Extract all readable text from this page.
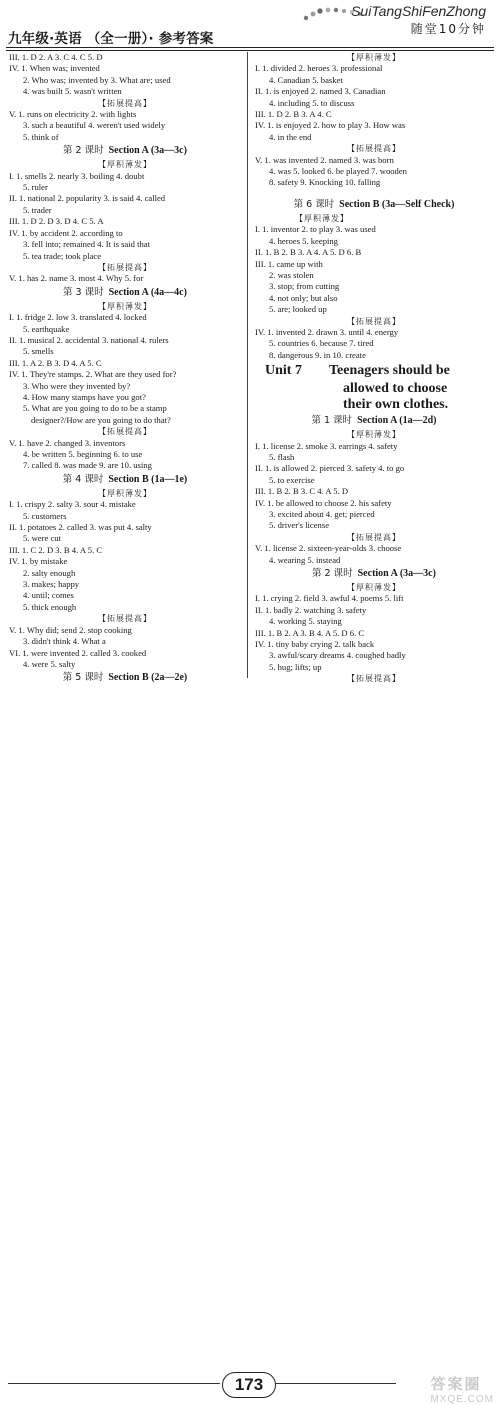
九年级·英语 （全一册）· 参考答案
SuiTangShiFenZhong
随堂10分钟
III. 1. D 2. A 3. C 4. C 5. D
IV. 1. When was; invented
2. Who was; invented by 3. What are; used
4. was built 5. wasn't written
【拓展提高】
V. 1. runs on electricity 2. with lights
3. such a beautiful 4. weren't used widely
5. think of
第 2 课时  Section A (3a—3c)
【厚积薄发】
I. 1. smells 2. nearly 3. boiling 4. doubt
5. ruler
II. 1. national 2. popularity 3. is said 4. called
5. trader
III. 1. D 2. D 3. D 4. C 5. A
IV. 1. by accident 2. according to
3. fell into; remained 4. It is said that
5. tea trade; took place
【拓展提高】
V. 1. has 2. name 3. most 4. Why 5. for
第 3 课时  Section A (4a—4c)
【厚积薄发】
I. 1. fridge 2. low 3. translated 4. locked
5. earthquake
II. 1. musical 2. accidental 3. national 4. rulers
5. smells
III. 1. A 2. B 3. D 4. A 5. C
IV. 1. They're stamps. 2. What are they used for?
3. Who were they invented by?
4. How many stamps have you got?
5. What are you going to do to be a stamp
designer?/How are you going to do that?
【拓展提高】
V. 1. have 2. changed 3. inventors
4. be written 5. beginning 6. to use
7. called 8. was made 9. are 10. using
第 4 课时  Section B (1a—1e)
【厚积薄发】
I. 1. crispy 2. salty 3. sour 4. mistake
5. customers
II. 1. potatoes 2. called 3. was put 4. salty
5. were cut
III. 1. C 2. D 3. B 4. A 5. C
IV. 1. by mistake
2. salty enough
3. makes; happy
4. until; comes
5. thick enough
【拓展提高】
V. 1. Why did; send 2. stop cooking
3. didn't think 4. What a
VI. 1. were invented 2. called 3. cooked
4. were 5. salty
第 5 课时  Section B (2a—2e)
【厚积薄发】
I. 1. divided 2. heroes 3. professional
4. Canadian 5. basket
II. 1. is enjoyed 2. named 3. Canadian
4. including 5. to discuss
III. 1. D 2. B 3. A 4. C
IV. 1. is enjoyed 2. how to play 3. How was
4. in the end
【拓展提高】
V. 1. was invented 2. named 3. was born
4. was 5. looked 6. be played 7. wooden
8. safety 9. Knocking 10. falling
第 6 课时  Section B (3a—Self Check)
【厚积薄发】
I. 1. inventor 2. to play 3. was used
4. heroes 5. keeping
II. 1. B 2. B 3. A 4. A 5. D 6. B
III. 1. came up with
2. was stolen
3. stop; from cutting
4. not only; but also
5. are; looked up
【拓展提高】
IV. 1. invented 2. drawn 3. until 4. energy
5. countries 6. because 7. tired
8. dangerous 9. in 10. create
Unit 7 Teenagers should be
allowed to choose
their own clothes.
第 1 课时  Section A (1a—2d)
【厚积薄发】
I. 1. license 2. smoke 3. earrings 4. safety
5. flash
II. 1. is allowed 2. pierced 3. safety 4. to go
5. to exercise
III. 1. B 2. B 3. C 4. A 5. D
IV. 1. be allowed to choose 2. his safety
3. excited about 4. get; pierced
5. driver's license
【拓展提高】
V. 1. license 2. sixteen-year-olds 3. choose
4. wearing 5. instead
第 2 课时  Section A (3a—3c)
【厚积薄发】
I. 1. crying 2. field 3. awful 4. poems 5. lift
II. 1. badly 2. watching 3. safety
4. working 5. staying
III. 1. B 2. A 3. B 4. A 5. D 6. C
IV. 1. tiny baby crying 2. talk back
3. awful/scary dreams 4. coughed badly
5. hug; lifts; up
【拓展提高】
173	答案圈
MXQE.COM
